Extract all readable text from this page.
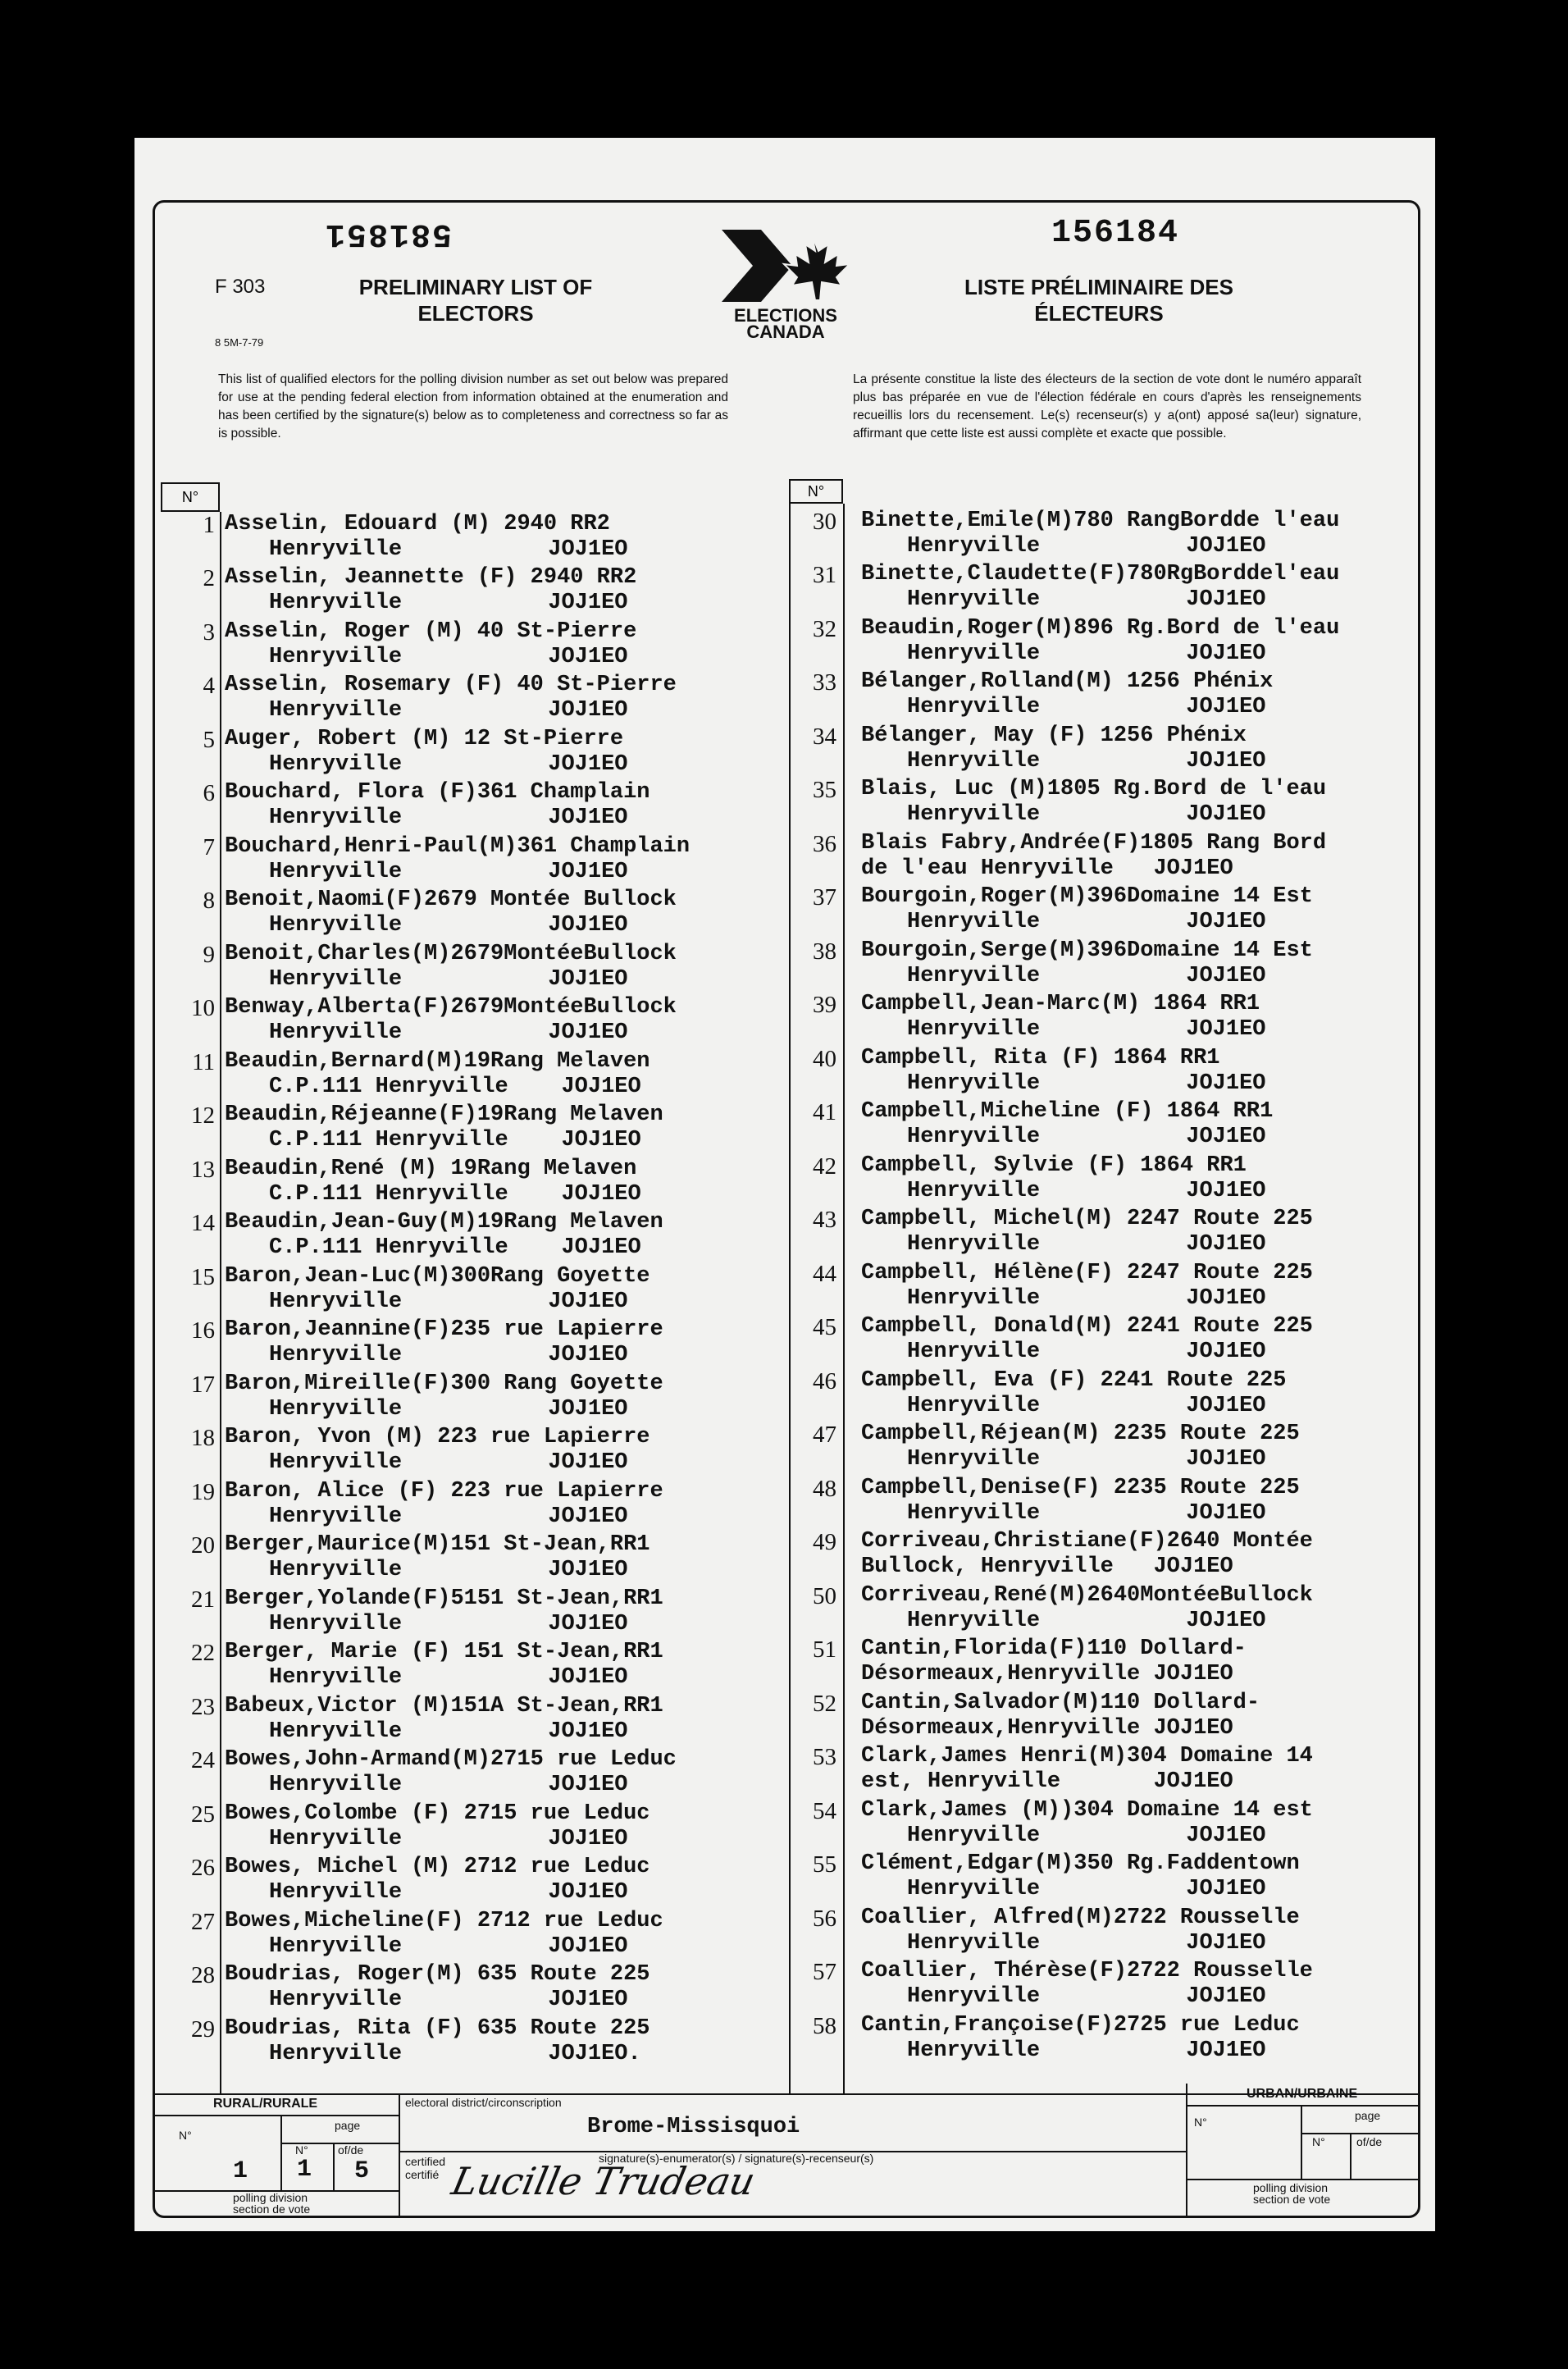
581851	156184
F 303
8 5M-7-79
PRELIMINARY LIST OF ELECTORS
LISTE PRÉLIMINAIRE DES ÉLECTEURS
ELECTIONS
CANADA
This list of qualified electors for the polling division number as set out below was prepared for use at the pending federal election from information obtained at the enumeration and has been certified by the signature(s) below as to completeness and correctness so far as is possible.
La présente constitue la liste des électeurs de la section de vote dont le numéro apparaît plus bas préparée en vue de l'élection fédérale en cours d'après les renseignements recueillis lors du recensement. Le(s) recenseur(s) y a(ont) apposé sa(leur) signature, affirmant que cette liste est aussi complète et exacte que possible.
N°	N°
1 Asselin, Edouard (M) 2940 RR2
Henryville           JOJ1EO
2 Asselin, Jeannette (F) 2940 RR2
Henryville           JOJ1EO
3 Asselin, Roger (M) 40 St-Pierre
Henryville           JOJ1EO
4 Asselin, Rosemary (F) 40 St-Pierre
Henryville           JOJ1EO
5 Auger, Robert (M) 12 St-Pierre
Henryville           JOJ1EO
6 Bouchard, Flora (F)361 Champlain
Henryville           JOJ1EO
7 Bouchard,Henri-Paul(M)361 Champlain
Henryville           JOJ1EO
8 Benoit,Naomi(F)2679 Montée Bullock
Henryville           JOJ1EO
9 Benoit,Charles(M)2679MontéeBullock
Henryville           JOJ1EO
10 Benway,Alberta(F)2679MontéeBullock
Henryville           JOJ1EO
11 Beaudin,Bernard(M)19Rang Melaven
C.P.111 Henryville    JOJ1EO
12 Beaudin,Réjeanne(F)19Rang Melaven
C.P.111 Henryville    JOJ1EO
13 Beaudin,René (M) 19Rang Melaven
C.P.111 Henryville    JOJ1EO
14 Beaudin,Jean-Guy(M)19Rang Melaven
C.P.111 Henryville    JOJ1EO
15 Baron,Jean-Luc(M)300Rang Goyette
Henryville           JOJ1EO
16 Baron,Jeannine(F)235 rue Lapierre
Henryville           JOJ1EO
17 Baron,Mireille(F)300 Rang Goyette
Henryville           JOJ1EO
18 Baron, Yvon (M) 223 rue Lapierre
Henryville           JOJ1EO
19 Baron, Alice (F) 223 rue Lapierre
Henryville           JOJ1EO
20 Berger,Maurice(M)151 St-Jean,RR1
Henryville           JOJ1EO
21 Berger,Yolande(F)5151 St-Jean,RR1
Henryville           JOJ1EO
22 Berger, Marie (F) 151 St-Jean,RR1
Henryville           JOJ1EO
23 Babeux,Victor (M)151A St-Jean,RR1
Henryville           JOJ1EO
24 Bowes,John-Armand(M)2715 rue Leduc
Henryville           JOJ1EO
25 Bowes,Colombe (F) 2715 rue Leduc
Henryville           JOJ1EO
26 Bowes, Michel (M) 2712 rue Leduc
Henryville           JOJ1EO
27 Bowes,Micheline(F) 2712 rue Leduc
Henryville           JOJ1EO
28 Boudrias, Roger(M) 635 Route 225
Henryville           JOJ1EO
29 Boudrias, Rita (F) 635 Route 225
Henryville           JOJ1EO.
30 Binette,Emile(M)780 RangBordde l'eau
Henryville           JOJ1EO
31 Binette,Claudette(F)780RgBorddel'eau
Henryville           JOJ1EO
32 Beaudin,Roger(M)896 Rg.Bord de l'eau
Henryville           JOJ1EO
33 Bélanger,Rolland(M) 1256 Phénix
Henryville           JOJ1EO
34 Bélanger, May (F) 1256 Phénix
Henryville           JOJ1EO
35 Blais, Luc (M)1805 Rg.Bord de l'eau
Henryville           JOJ1EO
36 Blais Fabry,Andrée(F)1805 Rang Bord
de l'eau Henryville   JOJ1EO
37 Bourgoin,Roger(M)396Domaine 14 Est
Henryville           JOJ1EO
38 Bourgoin,Serge(M)396Domaine 14 Est
Henryville           JOJ1EO
39 Campbell,Jean-Marc(M) 1864 RR1
Henryville           JOJ1EO
40 Campbell, Rita (F) 1864 RR1
Henryville           JOJ1EO
41 Campbell,Micheline (F) 1864 RR1
Henryville           JOJ1EO
42 Campbell, Sylvie (F) 1864 RR1
Henryville           JOJ1EO
43 Campbell, Michel(M) 2247 Route 225
Henryville           JOJ1EO
44 Campbell, Hélène(F) 2247 Route 225
Henryville           JOJ1EO
45 Campbell, Donald(M) 2241 Route 225
Henryville           JOJ1EO
46 Campbell, Eva (F) 2241 Route 225
Henryville           JOJ1EO
47 Campbell,Réjean(M) 2235 Route 225
Henryville           JOJ1EO
48 Campbell,Denise(F) 2235 Route 225
Henryville           JOJ1EO
49 Corriveau,Christiane(F)2640 Montée
Bullock, Henryville   JOJ1EO
50 Corriveau,René(M)2640MontéeBullock
Henryville           JOJ1EO
51 Cantin,Florida(F)110 Dollard-
Désormeaux,Henryville JOJ1EO
52 Cantin,Salvador(M)110 Dollard-
Désormeaux,Henryville JOJ1EO
53 Clark,James Henri(M)304 Domaine 14
est, Henryville       JOJ1EO
54 Clark,James (M))304 Domaine 14 est
Henryville           JOJ1EO
55 Clément,Edgar(M)350 Rg.Faddentown
Henryville           JOJ1EO
56 Coallier, Alfred(M)2722 Rousselle
Henryville           JOJ1EO
57 Coallier, Thérèse(F)2722 Rousselle
Henryville           JOJ1EO
58 Cantin,Françoise(F)2725 rue Leduc
Henryville           JOJ1EO
RURAL/RURALE
N°
page
N°	of/de
1 1 5
polling division
section de vote
electoral district/circonscription
Brome-Missisquoi
certified
certifié
signature(s)-enumerator(s) / signature(s)-recenseur(s)
Lucille Trudeau
URBAN/URBAINE
N°	page
N°	of/de
polling division
section de vote
